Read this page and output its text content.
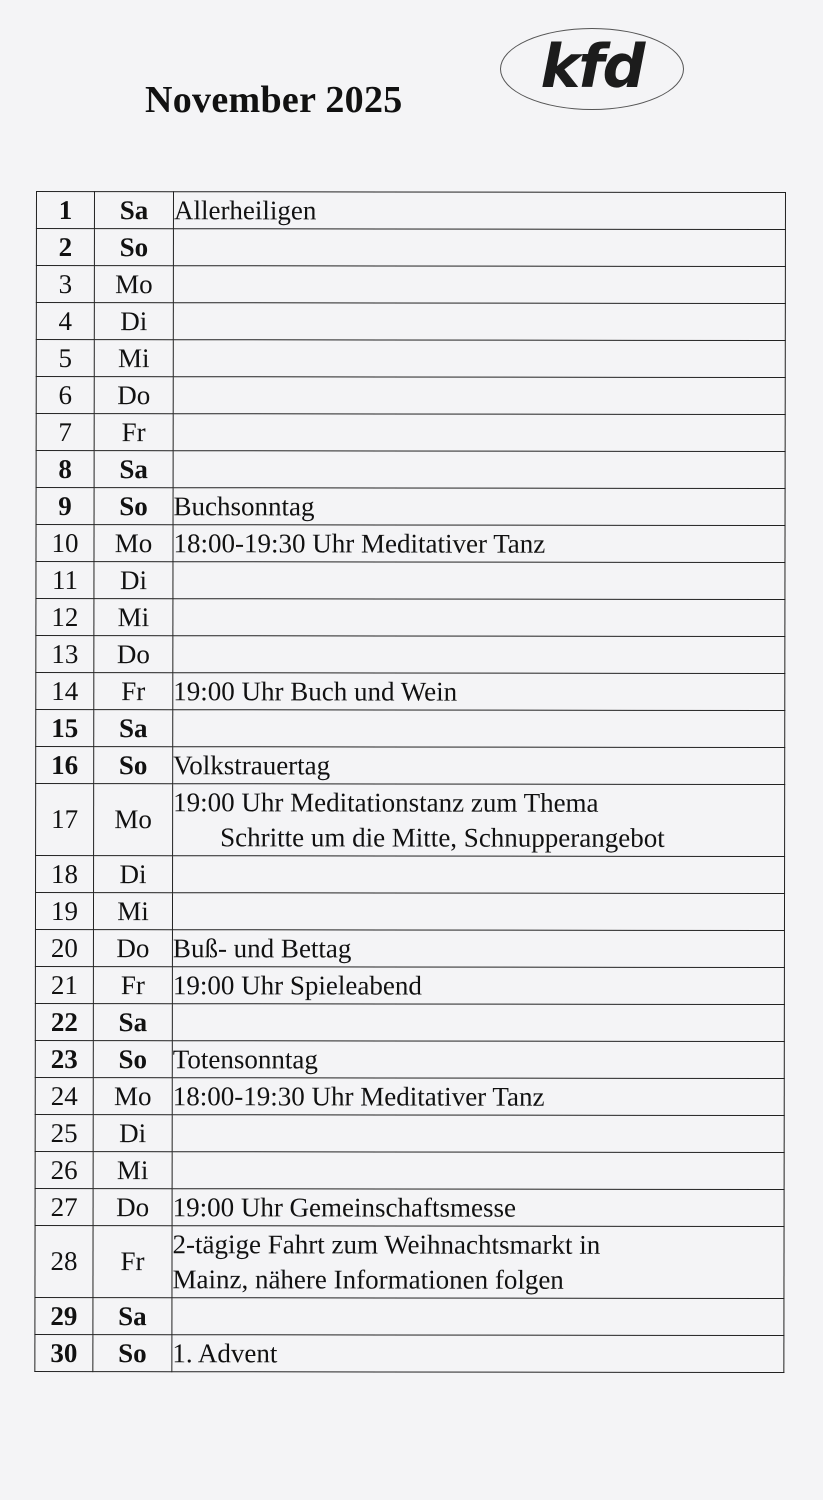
November 2025 kfd
1	Sa	Allerheiligen
2	So	
3	Mo	
4	Di	
5	Mi	
6	Do	
7	Fr	
8	Sa	
9	So	Buchsonntag
10	Mo	18:00-19:30 Uhr Meditativer Tanz
11	Di	
12	Mi	
13	Do	
14	Fr	19:00 Uhr Buch und Wein
15	Sa	
16	So	Volkstrauertag
17	Mo	19:00 Uhr Meditationstanz zum Thema
Schritte um die Mitte, Schnupperangebot

18	Di	
19	Mi	
20	Do	Buß- und Bettag
21	Fr	19:00 Uhr Spieleabend
22	Sa	
23	So	Totensonntag
24	Mo	18:00-19:30 Uhr Meditativer Tanz
25	Di	
26	Mi	
27	Do	19:00 Uhr Gemeinschaftsmesse
28	Fr	2-tägige Fahrt zum Weihnachtsmarkt in
Mainz, nähere Informationen folgen

29	Sa	
30	So	1. Advent
